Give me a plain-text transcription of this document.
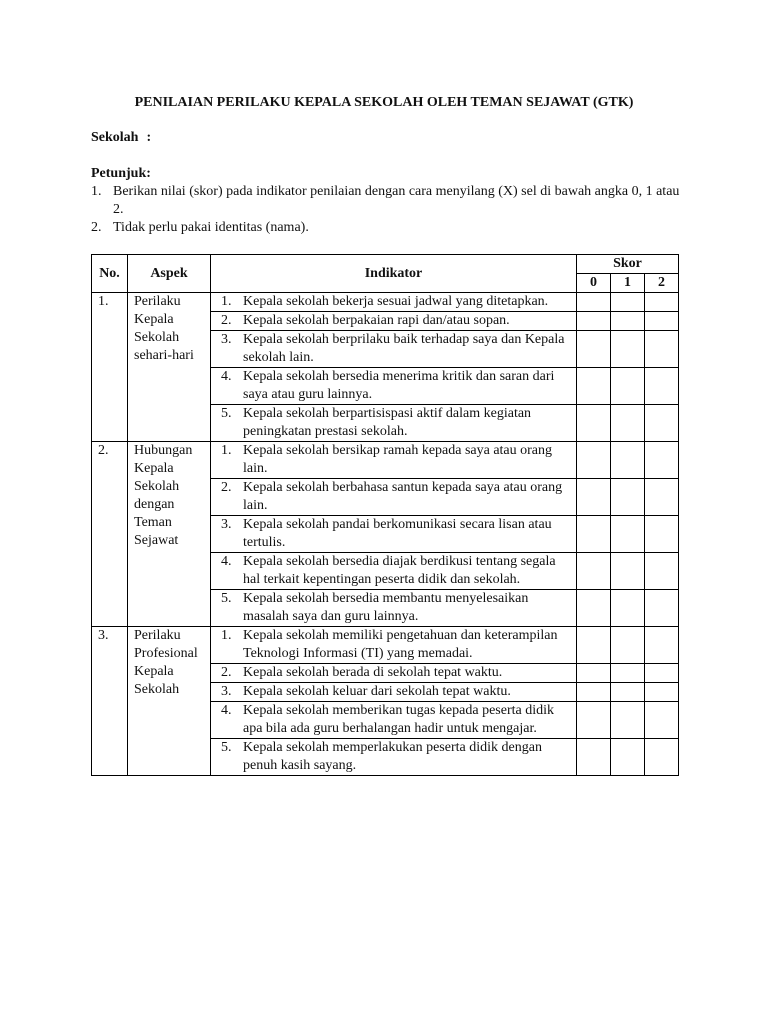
PENILAIAN PERILAKU KEPALA SEKOLAH OLEH TEMAN SEJAWAT (GTK)
Sekolah :
Petunjuk:
1. Berikan nilai (skor) pada indikator penilaian dengan cara menyilang (X) sel di bawah angka 0, 1 atau 2.
2. Tidak perlu pakai identitas (nama).
No.	Aspek	Indikator	Skor		
			0	1	2
1.	Perilaku Kepala Sekolah sehari-hari	1. Kepala sekolah bekerja sesuai jadwal yang ditetapkan.			

		2. Kepala sekolah berpakaian rapi dan/atau sopan.			

		3. Kepala sekolah berprilaku baik terhadap saya dan Kepala sekolah lain.			

		4. Kepala sekolah bersedia menerima kritik dan saran dari saya atau guru lainnya.			

		5. Kepala sekolah berpartisispasi aktif dalam kegiatan peningkatan prestasi sekolah.			

2.	Hubungan Kepala Sekolah dengan Teman Sejawat	1. Kepala sekolah bersikap ramah kepada saya atau orang lain.			

		2. Kepala sekolah berbahasa santun kepada saya atau orang lain.			

		3. Kepala sekolah pandai berkomunikasi secara lisan atau tertulis.			

		4. Kepala sekolah bersedia diajak berdikusi tentang segala hal terkait kepentingan peserta didik dan sekolah.			

		5. Kepala sekolah bersedia membantu menyelesaikan masalah saya dan guru lainnya.			

3.	Perilaku Profesional Kepala Sekolah	1. Kepala sekolah memiliki pengetahuan dan keterampilan Teknologi Informasi (TI) yang memadai.			

		2. Kepala sekolah berada di sekolah tepat waktu.			

		3. Kepala sekolah keluar dari sekolah tepat waktu.			

		4. Kepala sekolah memberikan tugas kepada peserta didik apa bila ada guru berhalangan hadir untuk mengajar.			

		5. Kepala sekolah memperlakukan peserta didik dengan penuh kasih sayang.			
